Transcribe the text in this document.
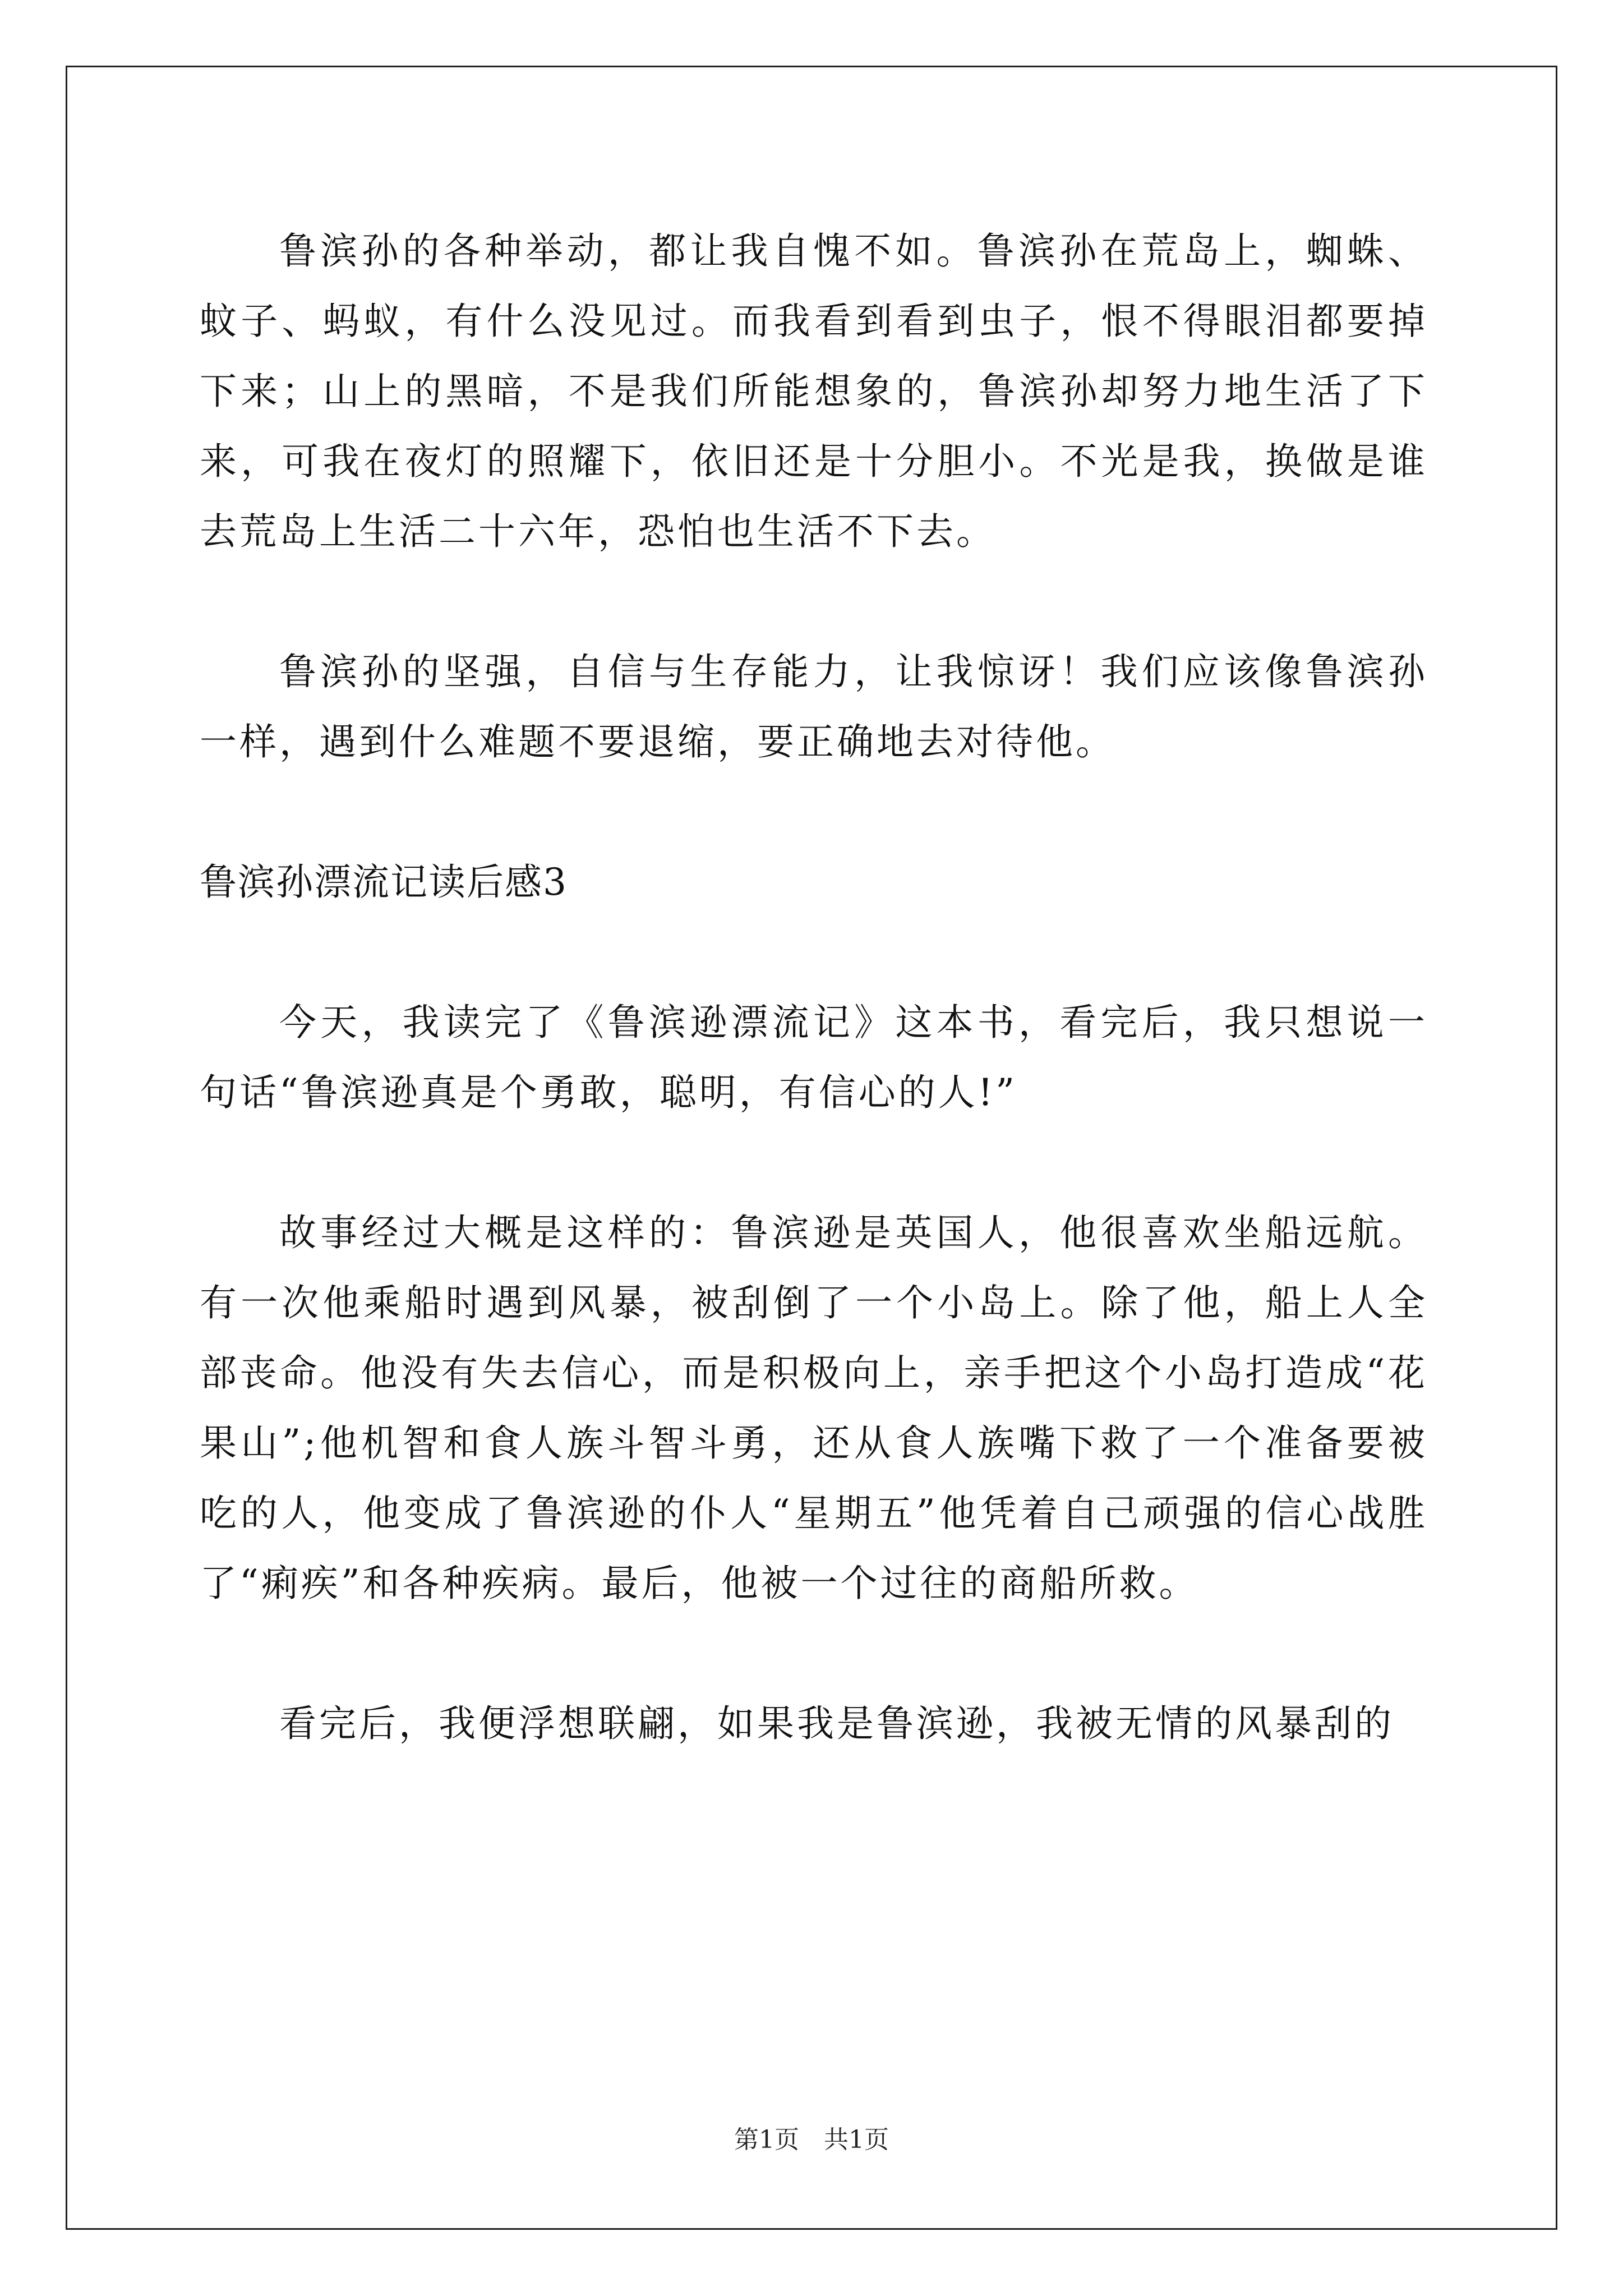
鲁滨孙的各种举动，都让我自愧不如。鲁滨孙在荒岛上，蜘蛛、蚊子、蚂蚁，有什么没见过。而我看到看到虫子，恨不得眼泪都要掉下来；山上的黑暗，不是我们所能想象的，鲁滨孙却努力地生活了下来，可我在夜灯的照耀下，依旧还是十分胆小。不光是我，换做是谁去荒岛上生活二十六年，恐怕也生活不下去。

鲁滨孙的坚强，自信与生存能力，让我惊讶！我们应该像鲁滨孙一样，遇到什么难题不要退缩，要正确地去对待他。

鲁滨孙漂流记读后感3

今天，我读完了《鲁滨逊漂流记》这本书，看完后，我只想说一句话“鲁滨逊真是个勇敢，聪明，有信心的人!”

故事经过大概是这样的：鲁滨逊是英国人，他很喜欢坐船远航。有一次他乘船时遇到风暴，被刮倒了一个小岛上。除了他，船上人全部丧命。他没有失去信心，而是积极向上，亲手把这个小岛打造成“花果山”;他机智和食人族斗智斗勇，还从食人族嘴下救了一个准备要被吃的人，他变成了鲁滨逊的仆人“星期五”他凭着自己顽强的信心战胜了“痢疾”和各种疾病。最后，他被一个过往的商船所救。

看完后，我便浮想联翩，如果我是鲁滨逊，我被无情的风暴刮的

第1页　共1页
